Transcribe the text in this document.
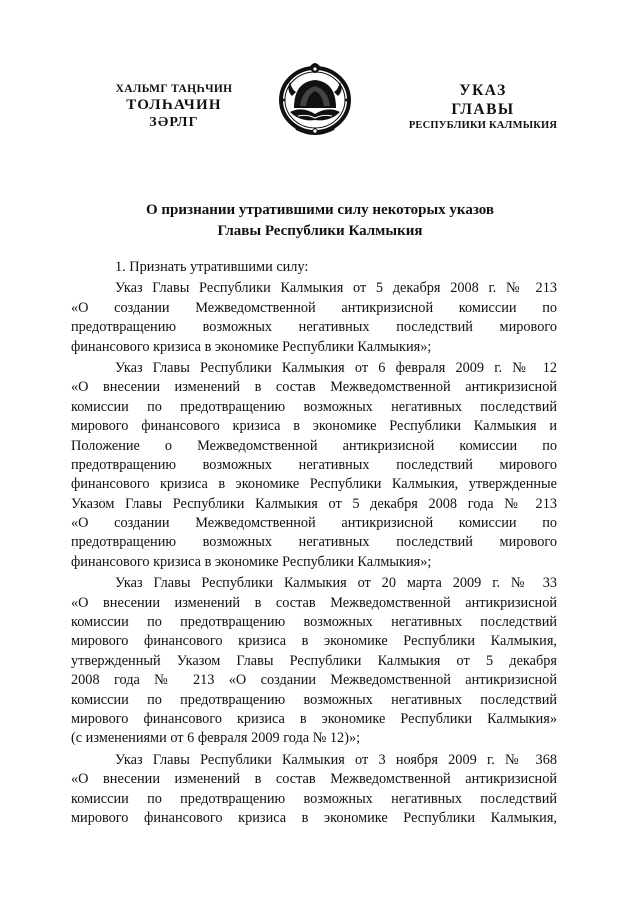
ХАЛЬМГ ТАҢҺЧИН
ТОЛҺАЧИН
ЗӘРЛГ
УКАЗ
ГЛАВЫ
РЕСПУБЛИКИ КАЛМЫКИЯ
О признании утратившими силу некоторых указов
Главы Республики Калмыкия
1. Признать утратившими силу:
Указ Главы Республики Калмыкия от 5 декабря 2008 г. № 213
«О создании Межведомственной антикризисной комиссии по
предотвращению возможных негативных последствий мирового
финансового кризиса в экономике Республики Калмыкия»;
Указ Главы Республики Калмыкия от 6 февраля 2009 г. № 12
«О внесении изменений в состав Межведомственной антикризисной
комиссии по предотвращению возможных негативных последствий
мирового финансового кризиса в экономике Республики Калмыкия и
Положение о Межведомственной антикризисной комиссии по
предотвращению возможных негативных последствий мирового
финансового кризиса в экономике Республики Калмыкия, утвержденные
Указом Главы Республики Калмыкия от 5 декабря 2008 года № 213
«О создании Межведомственной антикризисной комиссии по
предотвращению возможных негативных последствий мирового
финансового кризиса в экономике Республики Калмыкия»;
Указ Главы Республики Калмыкия от 20 марта 2009 г. № 33
«О внесении изменений в состав Межведомственной антикризисной
комиссии по предотвращению возможных негативных последствий
мирового финансового кризиса в экономике Республики Калмыкия,
утвержденный Указом Главы Республики Калмыкия от 5 декабря
2008 года № 213 «О создании Межведомственной антикризисной
комиссии по предотвращению возможных негативных последствий
мирового финансового кризиса в экономике Республики Калмыкия»
(с изменениями от 6 февраля 2009 года № 12)»;
Указ Главы Республики Калмыкия от 3 ноября 2009 г. № 368
«О внесении изменений в состав Межведомственной антикризисной
комиссии по предотвращению возможных негативных последствий
мирового финансового кризиса в экономике Республики Калмыкия,
